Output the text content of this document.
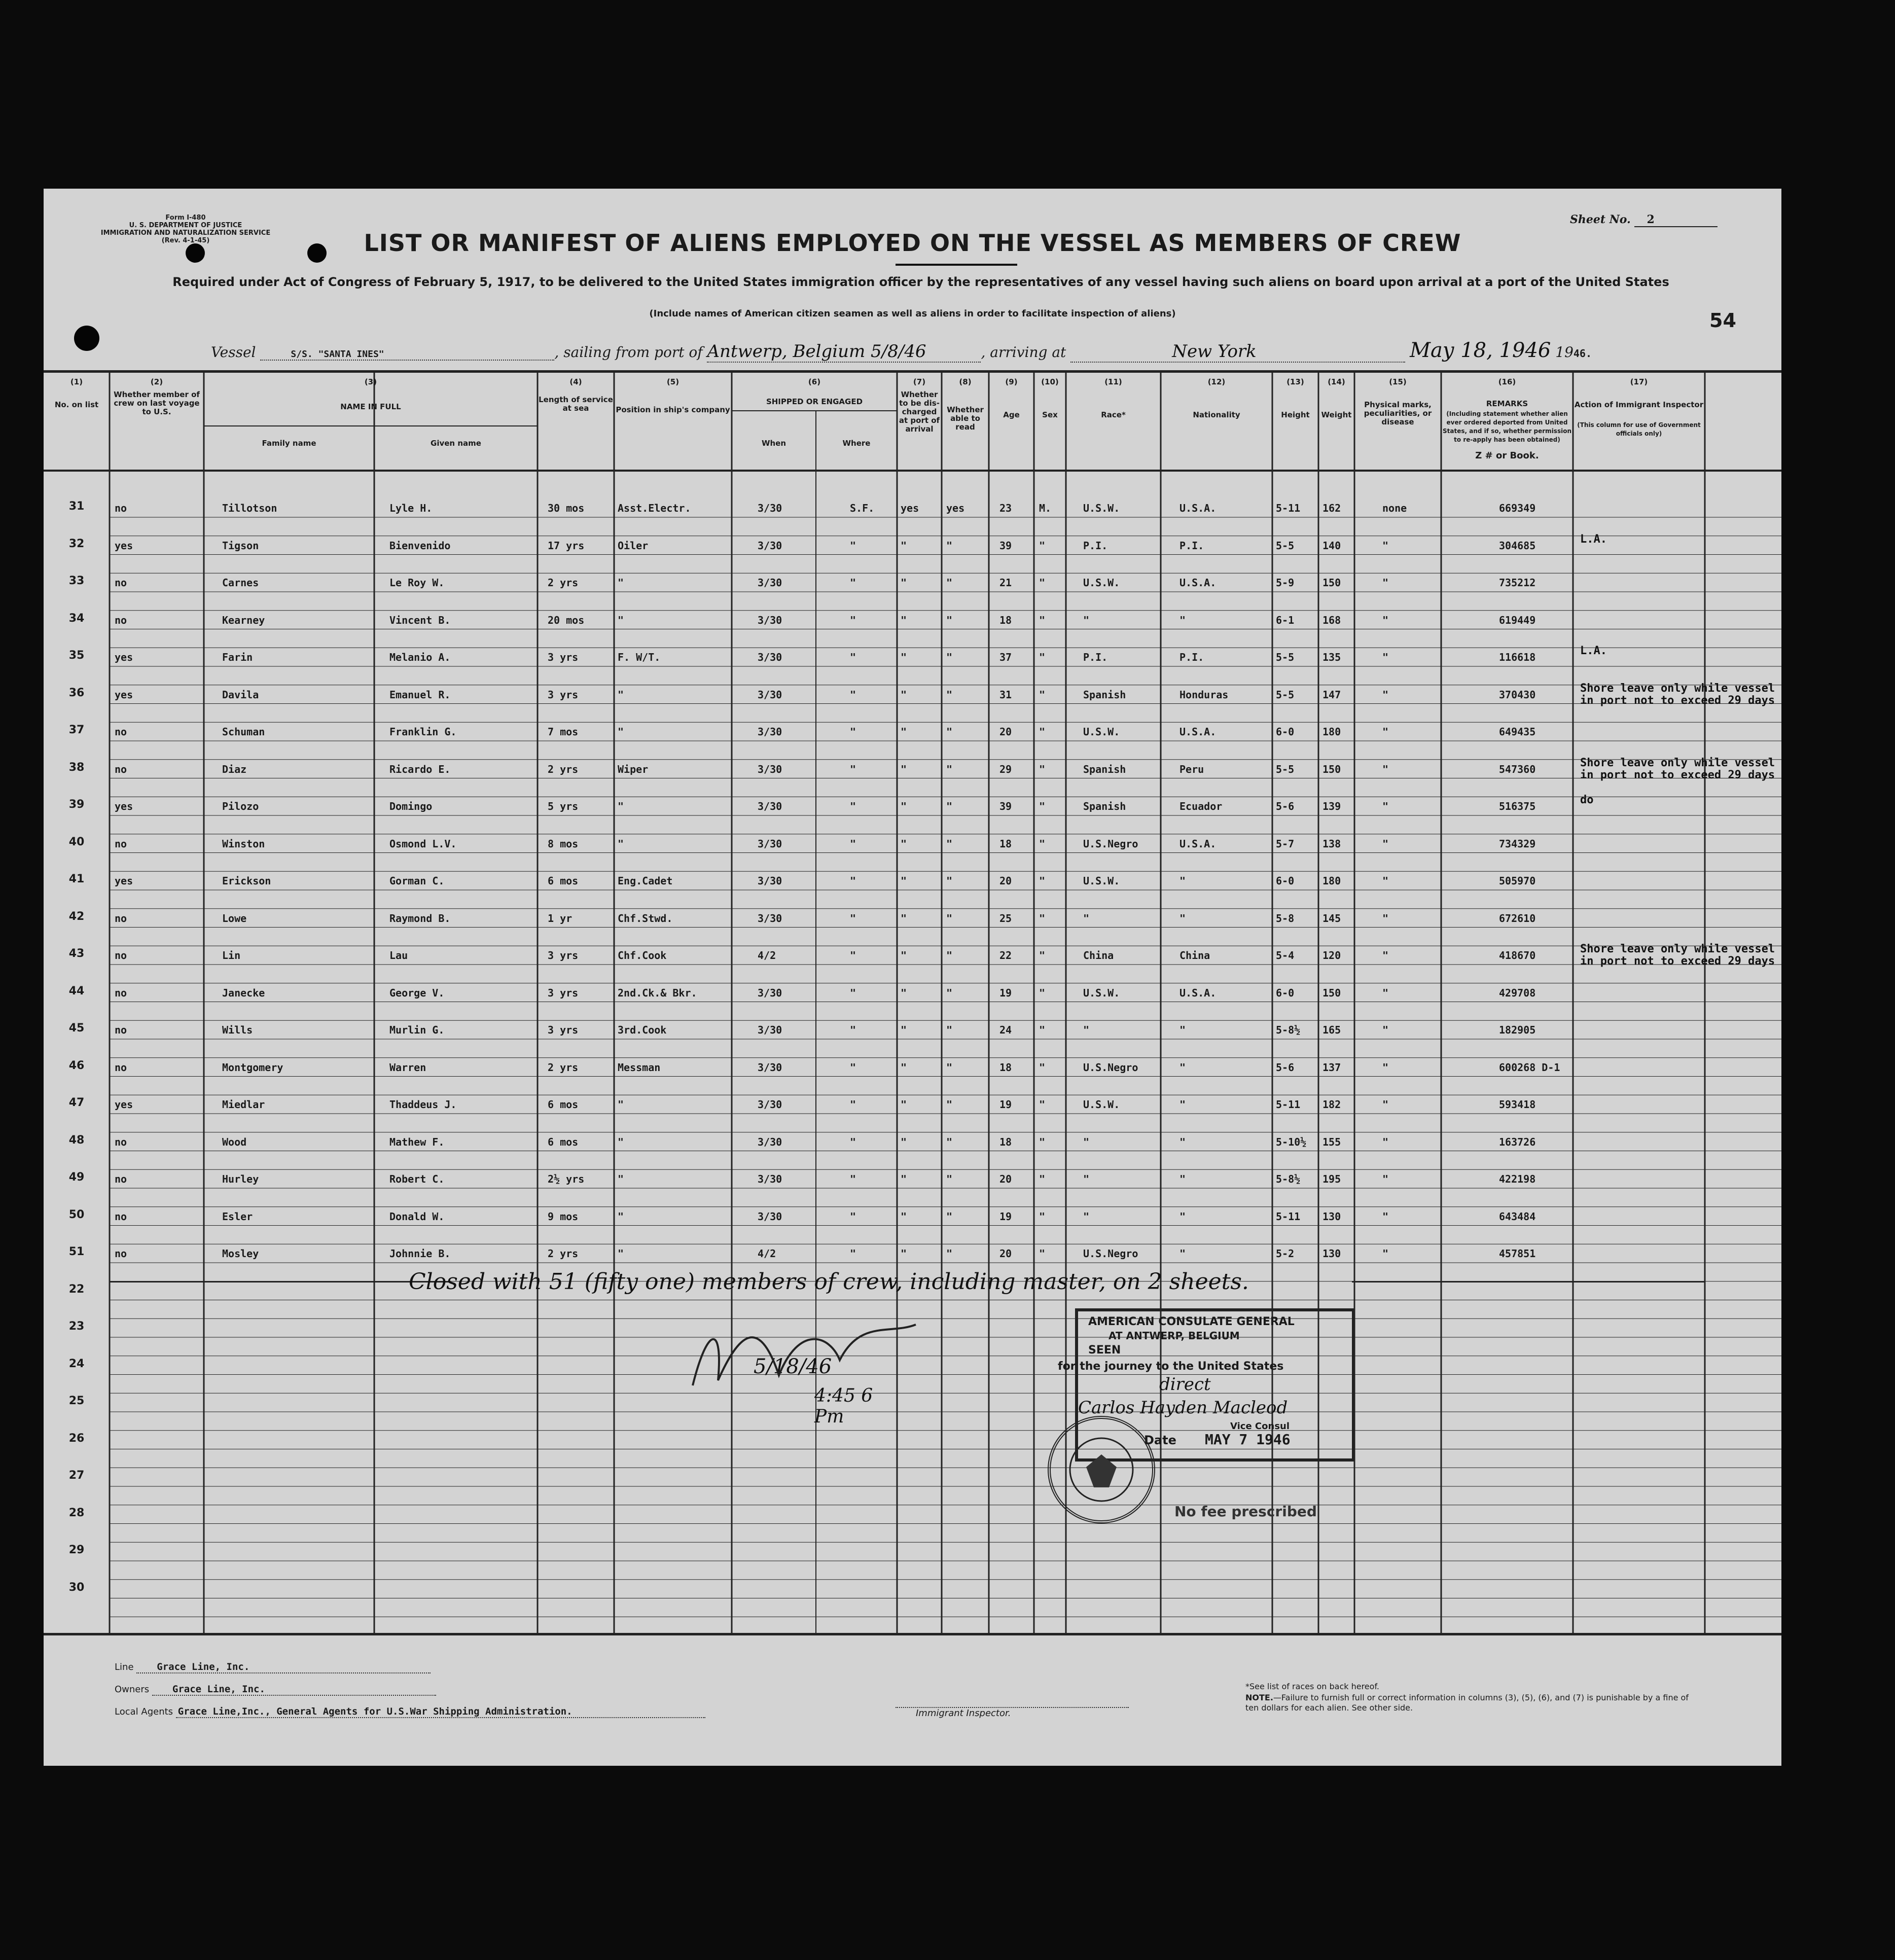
Form I-480
U. S. DEPARTMENT OF JUSTICE
IMMIGRATION AND NATURALIZATION SERVICE
(Rev. 4-1-45)
Sheet No. 2
LIST OR MANIFEST OF ALIENS EMPLOYED ON THE VESSEL AS MEMBERS OF CREW
Required under Act of Congress of February 5, 1917, to be delivered to the United States immigration officer by the representatives of any vessel having such aliens on board upon arrival at a port of the United States
(Include names of American citizen seamen as well as aliens in order to facilitate inspection of aliens)	54
Vessel	S/S. "SANTA INES"	, sailing from port of Antwerp, Belgium 5/8/46	, arriving at	New York	May 18, 1946 1946.
(1)	(2)	(3)	(4)	(5)	(6)	(7)	(8)	(9)	(10)	(11)	(12)	(13)	(14)	(15)	(16)	(17)
No. on list
Whether member of crew on last voyage to U.S.
NAME IN FULL
Family name	Given name
Length of service at sea	Position in ship's company
SHIPPED OR ENGAGED
When	Where
Whether to be dis-charged at port of arrival
Whether able to read
Age	Sex	Race*	Nationality	Height	Weight
Physical marks, peculiarities, or disease
REMARKS
(Including statement whether alien ever ordered deported from United States, and if so, whether permission to re-apply has been obtained)
Z # or Book.
Action of Immigrant Inspector
(This column for use of Government officials only)
31	no	Tillotson	Lyle H.	30 mos	Asst.Electr.	3/30	S.F.	yes	yes	23	M.	U.S.W.	U.S.A.	5-11	162	none	669349
32	yes	Tigson	Bienvenido	17 yrs	Oiler	3/30	"	"	"	39	"	P.I.	P.I.	5-5	140	"	304685	L.A.
33	no	Carnes	Le Roy W.	2 yrs	"	3/30	"	"	"	21	"	U.S.W.	U.S.A.	5-9	150	"	735212
34	no	Kearney	Vincent B.	20 mos	"	3/30	"	"	"	18	"	"	"	6-1	168	"	619449
35	yes	Farin	Melanio A.	3 yrs	F. W/T.	3/30	"	"	"	37	"	P.I.	P.I.	5-5	135	"	116618	L.A.
36	yes	Davila	Emanuel R.	3 yrs	"	3/30	"	"	"	31	"	Spanish	Honduras	5-5	147	"	370430	Shore leave only while vessel in port not to exceed 29 days
37	no	Schuman	Franklin G.	7 mos	"	3/30	"	"	"	20	"	U.S.W.	U.S.A.	6-0	180	"	649435
38	no	Diaz	Ricardo E.	2 yrs	Wiper	3/30	"	"	"	29	"	Spanish	Peru	5-5	150	"	547360	Shore leave only while vessel in port not to exceed 29 days
39	yes	Pilozo	Domingo	5 yrs	"	3/30	"	"	"	39	"	Spanish	Ecuador	5-6	139	"	516375	do
40	no	Winston	Osmond L.V.	8 mos	"	3/30	"	"	"	18	"	U.S.Negro	U.S.A.	5-7	138	"	734329
41	yes	Erickson	Gorman C.	6 mos	Eng.Cadet	3/30	"	"	"	20	"	U.S.W.	"	6-0	180	"	505970
42	no	Lowe	Raymond B.	1 yr	Chf.Stwd.	3/30	"	"	"	25	"	"	"	5-8	145	"	672610
43	no	Lin	Lau	3 yrs	Chf.Cook	4/2	"	"	"	22	"	China	China	5-4	120	"	418670	Shore leave only while vessel in port not to exceed 29 days
44	no	Janecke	George V.	3 yrs	2nd.Ck.& Bkr.	3/30	"	"	"	19	"	U.S.W.	U.S.A.	6-0	150	"	429708
45	no	Wills	Murlin G.	3 yrs	3rd.Cook	3/30	"	"	"	24	"	"	"	5-8½	165	"	182905
46	no	Montgomery	Warren	2 yrs	Messman	3/30	"	"	"	18	"	U.S.Negro	"	5-6	137	"	600268 D-1
47	yes	Miedlar	Thaddeus J.	6 mos	"	3/30	"	"	"	19	"	U.S.W.	"	5-11	182	"	593418
48	no	Wood	Mathew F.	6 mos	"	3/30	"	"	"	18	"	"	"	5-10½	155	"	163726
49	no	Hurley	Robert C.	2½ yrs	"	3/30	"	"	"	20	"	"	"	5-8½	195	"	422198
50	no	Esler	Donald W.	9 mos	"	3/30	"	"	"	19	"	"	"	5-11	130	"	643484
51	no	Mosley	Johnnie B.	2 yrs	"	4/2	"	"	"	20	"	U.S.Negro	"	5-2	130	"	457851
22
23
24
25
26
27
28
29
30
Closed with 51 (fifty one) members of crew, including master, on 2 sheets.
5/18/46
4:45 6 Pm
AMERICAN CONSULATE GENERAL
AT ANTWERP, BELGIUM
SEEN
for the journey to the United States
direct
Carlos Hayden Macleod
Vice Consul
Date MAY 7 1946
No fee prescribed
Line Grace Line, Inc.
Owners Grace Line, Inc.
Local Agents Grace Line,Inc., General Agents for U.S.War Shipping Administration.	Immigrant Inspector.
*See list of races on back hereof.
NOTE.—Failure to furnish full or correct information in columns (3), (5), (6), and (7) is punishable by a fine of ten dollars for each alien. See other side.
